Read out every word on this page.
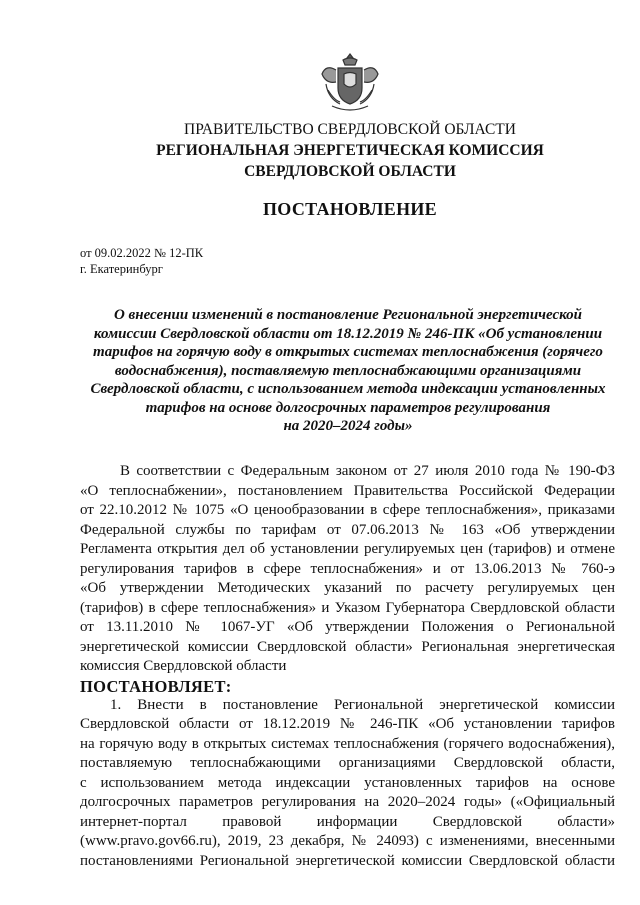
ПРАВИТЕЛЬСТВО СВЕРДЛОВСКОЙ ОБЛАСТИ
РЕГИОНАЛЬНАЯ ЭНЕРГЕТИЧЕСКАЯ КОМИССИЯ
СВЕРДЛОВСКОЙ ОБЛАСТИ
ПОСТАНОВЛЕНИЕ
от 09.02.2022 № 12-ПК
г. Екатеринбург
О внесении изменений в постановление Региональной энергетической
комиссии Свердловской области от 18.12.2019 № 246-ПК «Об установлении
тарифов на горячую воду в открытых системах теплоснабжения (горячего
водоснабжения), поставляемую теплоснабжающими организациями
Свердловской области, с использованием метода индексации установленных
тарифов на основе долгосрочных параметров регулирования
на 2020–2024 годы»
В соответствии с Федеральным законом от 27 июля 2010 года № 190-ФЗ
«О теплоснабжении», постановлением Правительства Российской Федерации
от 22.10.2012 № 1075 «О ценообразовании в сфере теплоснабжения», приказами
Федеральной службы по тарифам от 07.06.2013 № 163 «Об утверждении
Регламента открытия дел об установлении регулируемых цен (тарифов) и отмене
регулирования тарифов в сфере теплоснабжения» и от 13.06.2013 № 760-э
«Об утверждении Методических указаний по расчету регулируемых цен
(тарифов) в сфере теплоснабжения» и Указом Губернатора Свердловской области
от 13.11.2010 № 1067-УГ «Об утверждении Положения о Региональной
энергетической комиссии Свердловской области» Региональная энергетическая
комиссия Свердловской области
ПОСТАНОВЛЯЕТ:
1. Внести в постановление Региональной энергетической комиссии
Свердловской области от 18.12.2019 № 246-ПК «Об установлении тарифов
на горячую воду в открытых системах теплоснабжения (горячего водоснабжения),
поставляемую теплоснабжающими организациями Свердловской области,
с использованием метода индексации установленных тарифов на основе
долгосрочных параметров регулирования на 2020–2024 годы» («Официальный
интернет-портал правовой информации Свердловской области»
(www.pravo.gov66.ru), 2019, 23 декабря, № 24093) с изменениями, внесенными
постановлениями Региональной энергетической комиссии Свердловской области
